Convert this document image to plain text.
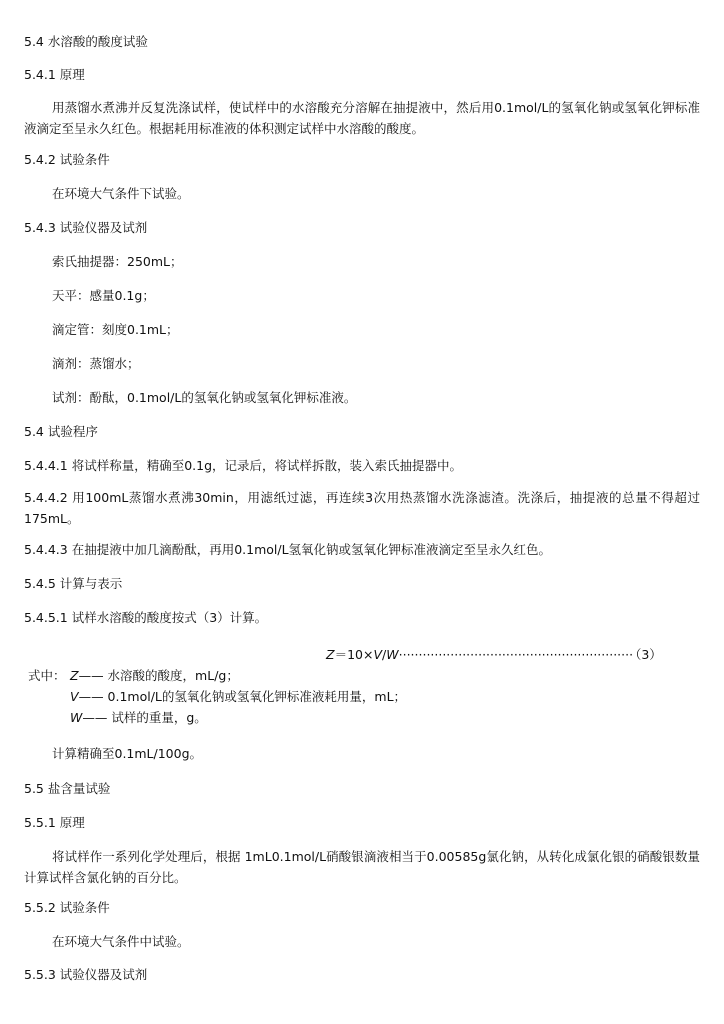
5.4 水溶酸的酸度试验
5.4.1 原理
用蒸馏水煮沸并反复洗涤试样，使试样中的水溶酸充分溶解在抽提液中，然后用0.1mol/L的氢氧化钠或氢氧化钾标准液滴定至呈永久红色。根据耗用标准液的体积测定试样中水溶酸的酸度。
5.4.2 试验条件
在环境大气条件下试验。
5.4.3 试验仪器及试剂
索氏抽提器：250mL；
天平：感量0.1g；
滴定管：刻度0.1mL；
滴剂：蒸馏水；
试剂：酚酞，0.1mol/L的氢氧化钠或氢氧化钾标准液。
5.4 试验程序
5.4.4.1 将试样称量，精确至0.1g，记录后，将试样拆散，装入索氏抽提器中。
5.4.4.2 用100mL蒸馏水煮沸30min，用滤纸过滤，再连续3次用热蒸馏水洗涤滤渣。洗涤后，抽提液的总量不得超过175mL。
5.4.4.3 在抽提液中加几滴酚酞，再用0.1mol/L氢氧化钠或氢氧化钾标准液滴定至呈永久红色。
5.4.5 计算与表示
5.4.5.1 试样水溶酸的酸度按式（3）计算。
Z＝10×V/W··························································· （3）
式中： Z—— 水溶酸的酸度，mL/g；
V—— 0.1mol/L的氢氧化钠或氢氧化钾标准液耗用量，mL；
W—— 试样的重量，g。
计算精确至0.1mL/100g。
5.5 盐含量试验
5.5.1 原理
将试样作一系列化学处理后，根据 1mL0.1mol/L硝酸银滴液相当于0.00585g氯化钠，从转化成氯化银的硝酸银数量计算试样含氯化钠的百分比。
5.5.2 试验条件
在环境大气条件中试验。
5.5.3 试验仪器及试剂
